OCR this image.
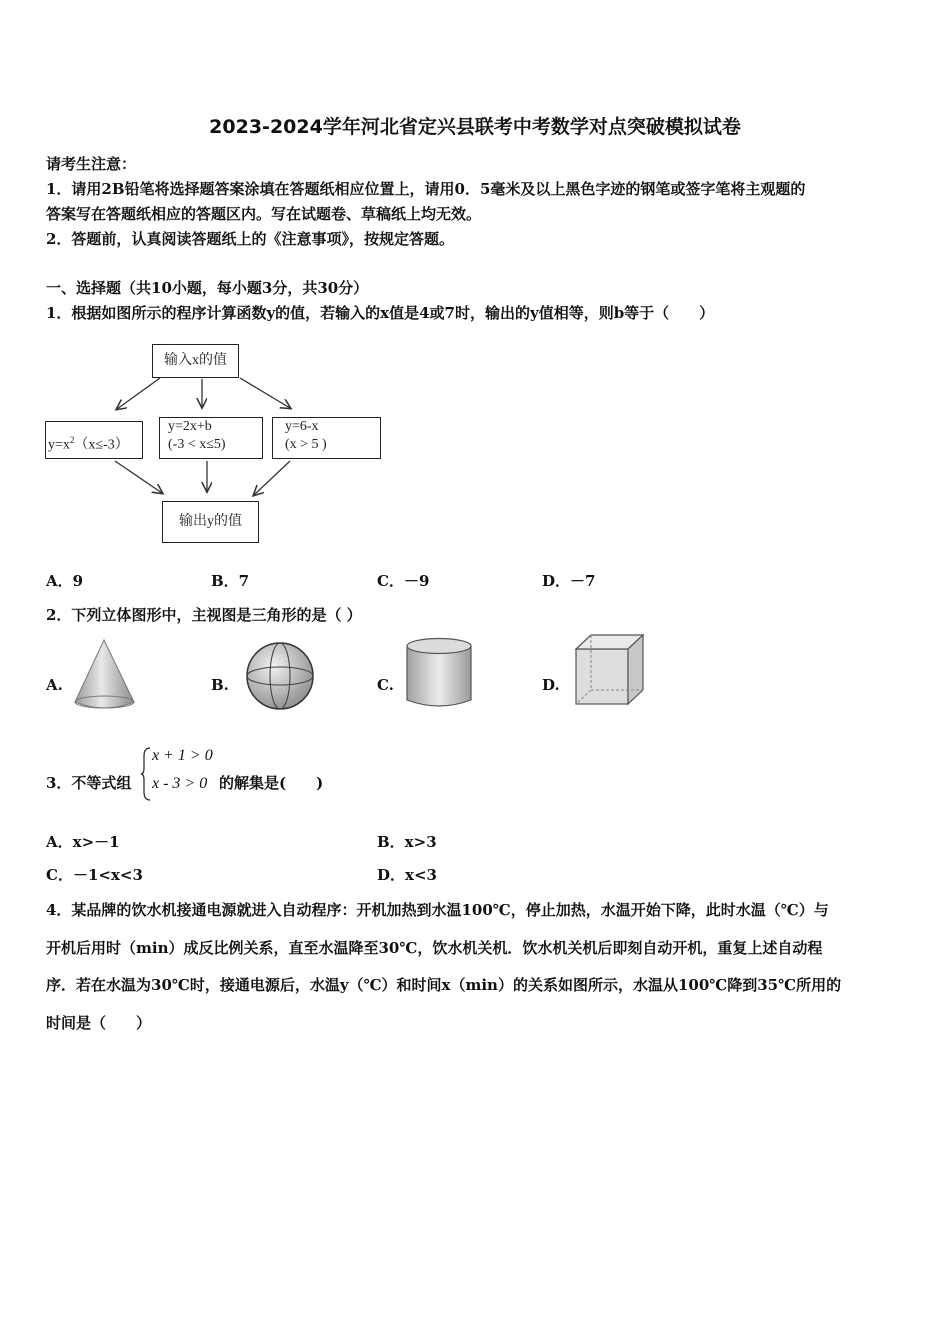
2023-2024学年河北省定兴县联考中考数学对点突破模拟试卷
请考生注意：
1．请用2B铅笔将选择题答案涂填在答题纸相应位置上，请用0．5毫米及以上黑色字迹的钢笔或签字笔将主观题的
答案写在答题纸相应的答题区内。写在试题卷、草稿纸上均无效。
2．答题前，认真阅读答题纸上的《注意事项》，按规定答题。
一、选择题（共10小题，每小题3分，共30分）
1．根据如图所示的程序计算函数y的值，若输入的x值是4或7时，输出的y值相等，则b等于（　　）
输入x的值
$y=x^2(x\le-3)$
y=2x+b
(-3 < x≤5)
y=6-x
(x > 5 )
输出y的值
A．9	B．7	C．－9	D．－7
2．下列立体图形中，主视图是三角形的是（ ）
A.	B.	C.	D.
3．不等式组
x + 1 > 0
x - 3 > 0 的解集是(　　)
A．x>－1	B．x>3
C．－1<x<3	D．x<3
4．某品牌的饮水机接通电源就进入自动程序：开机加热到水温100℃，停止加热，水温开始下降，此时水温（℃）与
开机后用时（min）成反比例关系，直至水温降至30℃，饮水机关机．饮水机关机后即刻自动开机，重复上述自动程
序．若在水温为30℃时，接通电源后，水温y（℃）和时间x（min）的关系如图所示，水温从100℃降到35℃所用的
时间是（　　）
